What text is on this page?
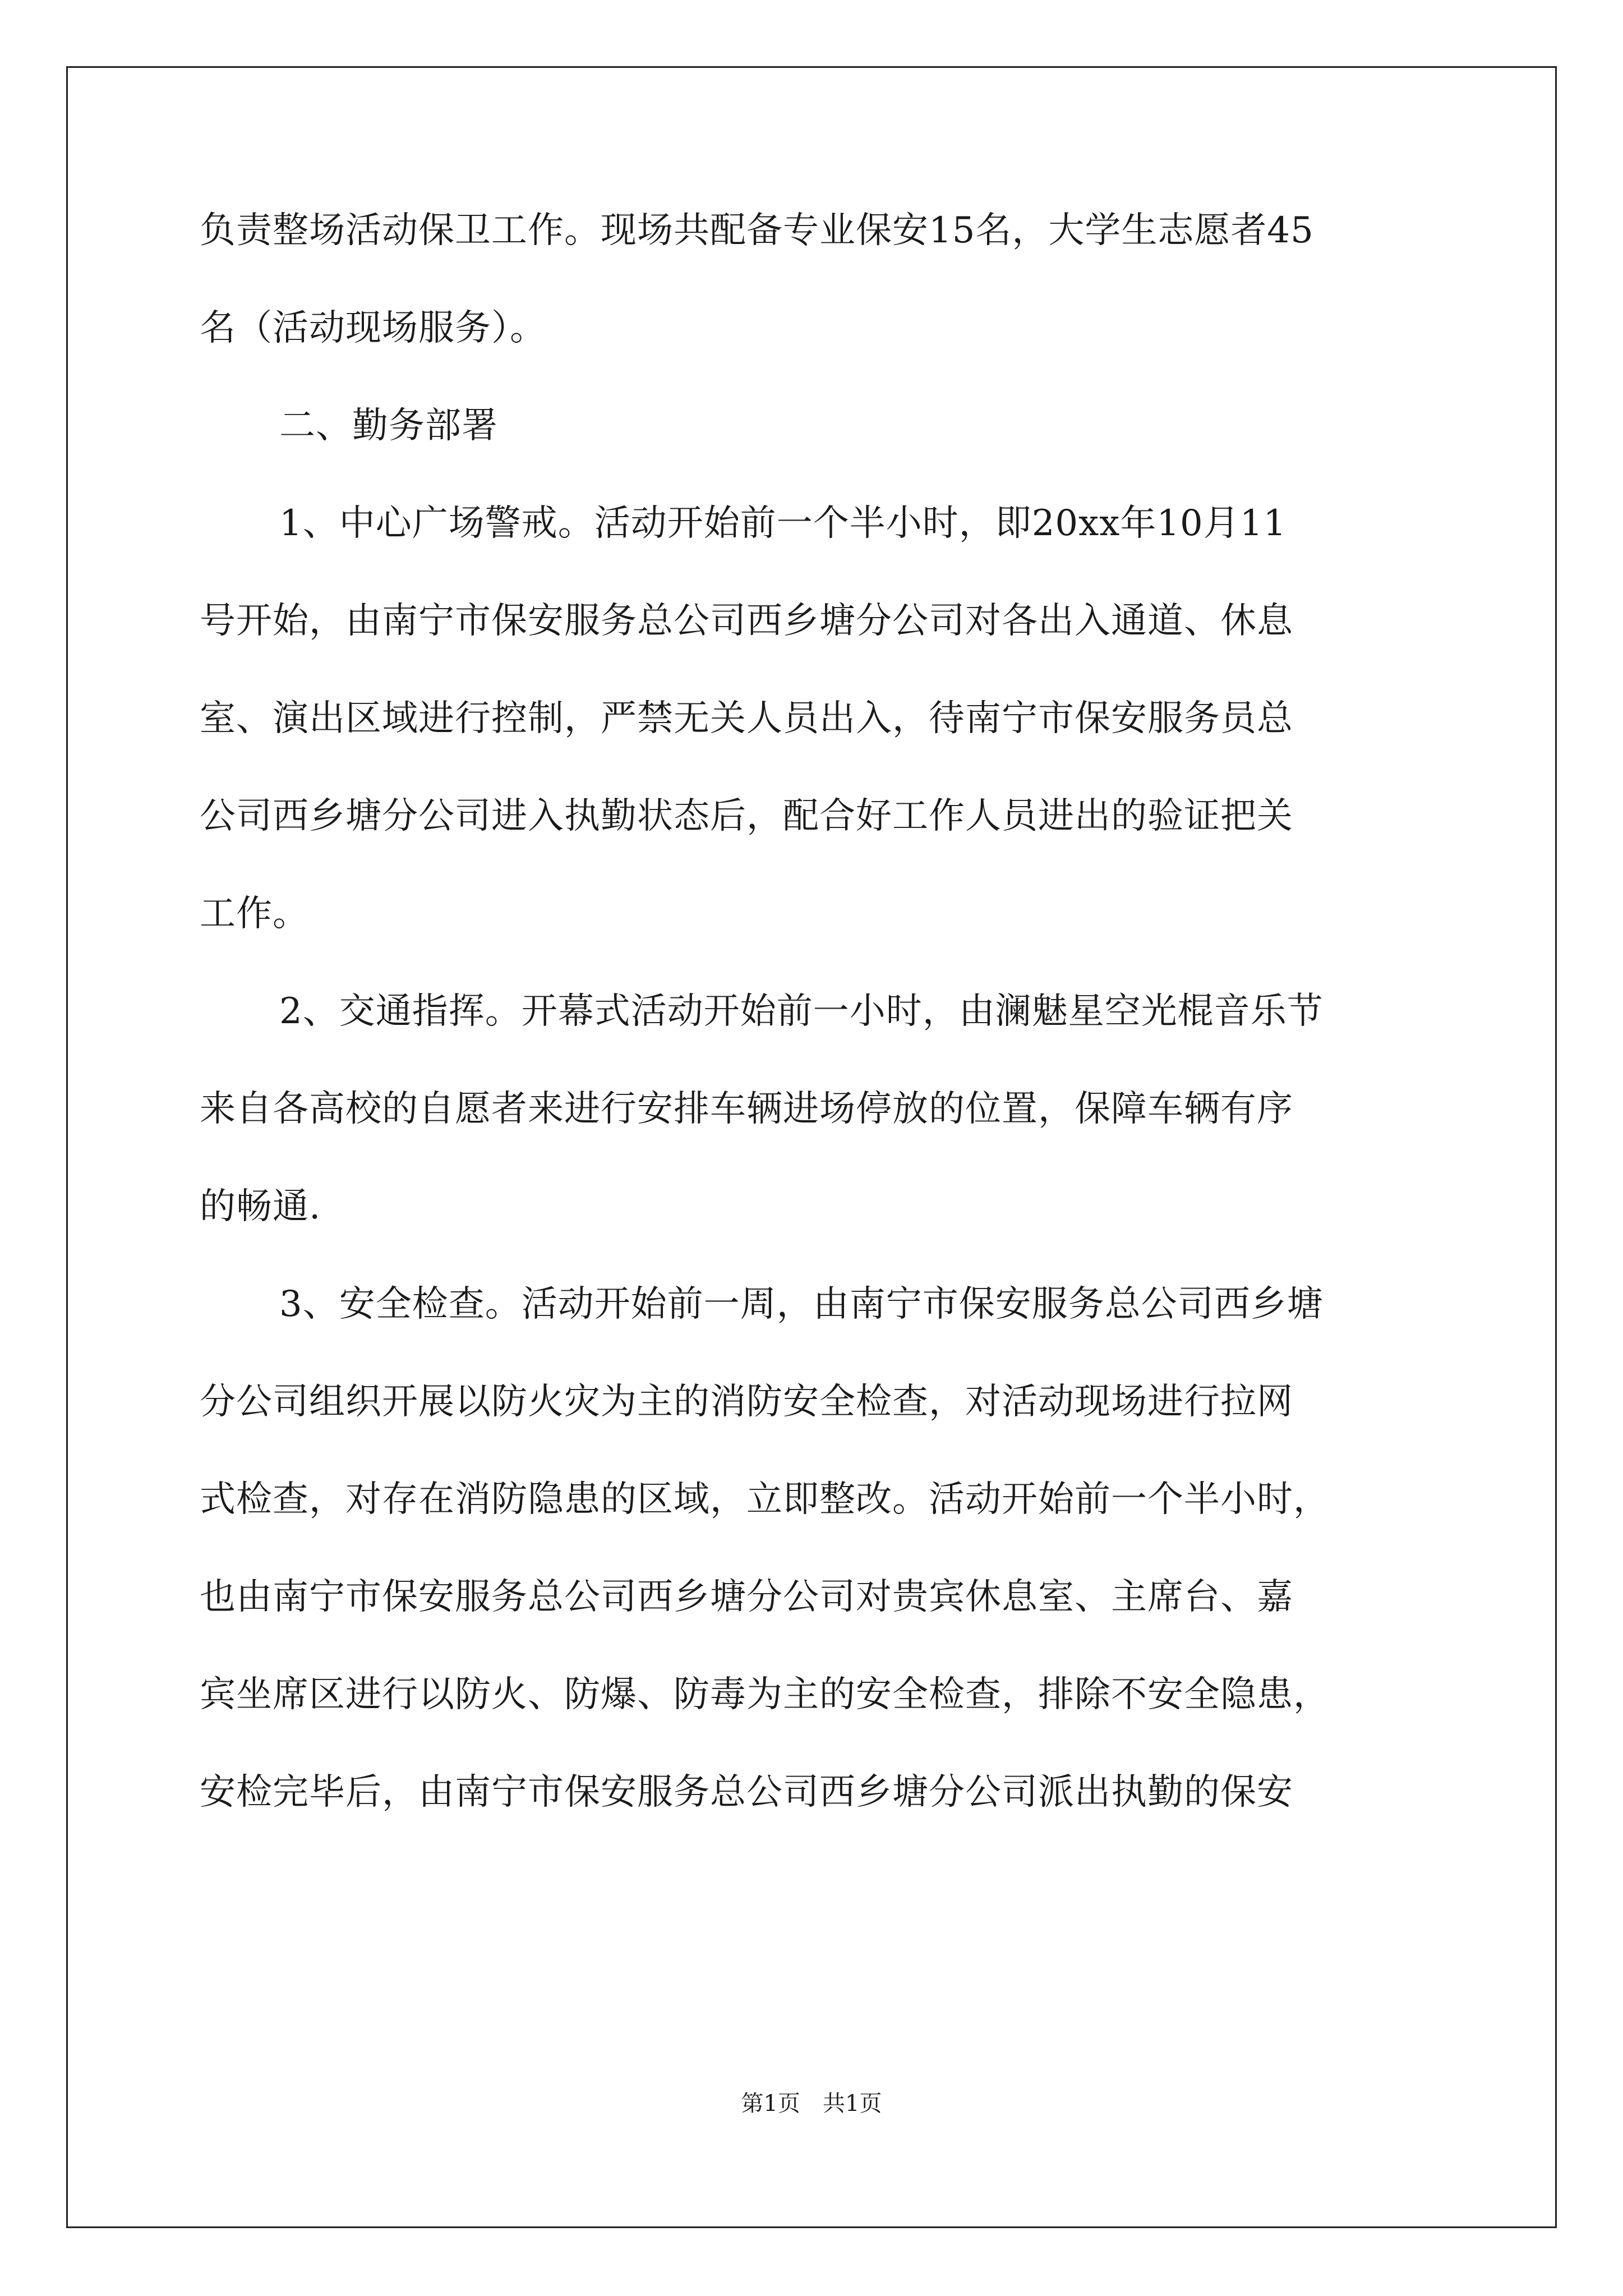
负责整场活动保卫工作。现场共配备专业保安15名，大学生志愿者45
名（活动现场服务）。
二、勤务部署
1、中心广场警戒。活动开始前一个半小时，即20xx年10月11
号开始，由南宁市保安服务总公司西乡塘分公司对各出入通道、休息
室、演出区域进行控制，严禁无关人员出入，待南宁市保安服务员总
公司西乡塘分公司进入执勤状态后，配合好工作人员进出的验证把关
工作。
2、交通指挥。开幕式活动开始前一小时，由澜魅星空光棍音乐节
来自各高校的自愿者来进行安排车辆进场停放的位置，保障车辆有序
的畅通.
3、安全检查。活动开始前一周，由南宁市保安服务总公司西乡塘
分公司组织开展以防火灾为主的消防安全检查，对活动现场进行拉网
式检查，对存在消防隐患的区域，立即整改。活动开始前一个半小时，
也由南宁市保安服务总公司西乡塘分公司对贵宾休息室、主席台、嘉
宾坐席区进行以防火、防爆、防毒为主的安全检查，排除不安全隐患，
安检完毕后，由南宁市保安服务总公司西乡塘分公司派出执勤的保安
第1页 共1页
